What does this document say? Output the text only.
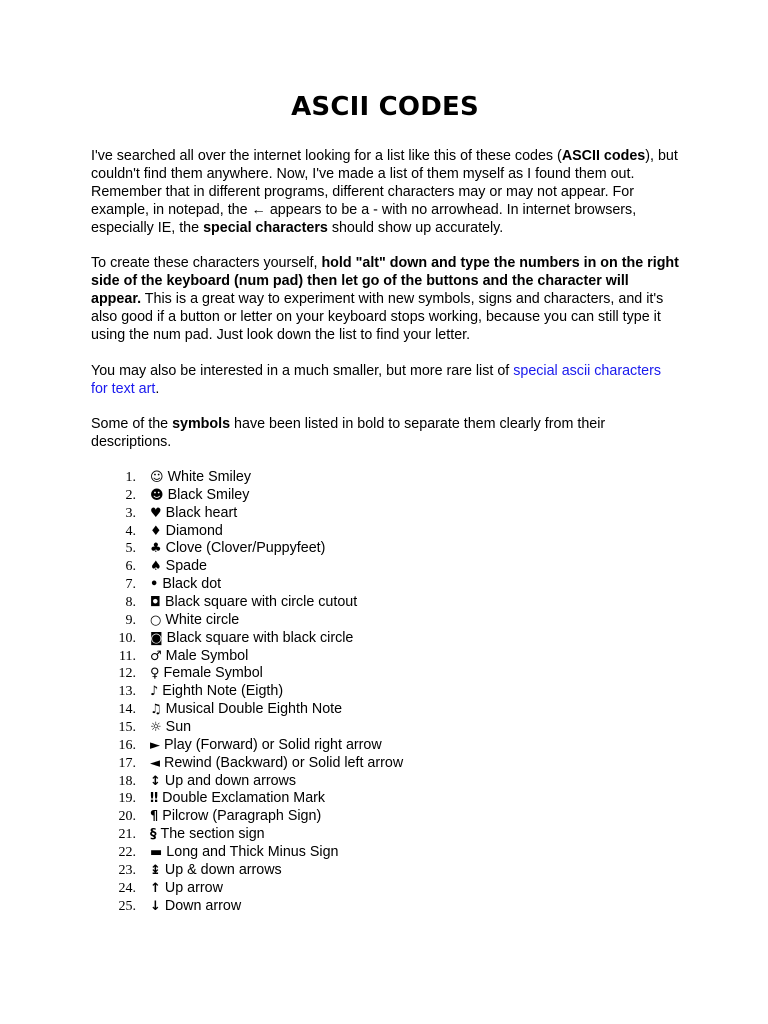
ASCII CODES

I've searched all over the internet looking for a list like this of these codes (ASCII codes), but couldn't find them anywhere. Now, I've made a list of them myself as I found them out. Remember that in different programs, different characters may or may not appear. For example, in notepad, the ← appears to be a - with no arrowhead. In internet browsers, especially IE, the special characters should show up accurately.

To create these characters yourself, hold "alt" down and type the numbers in on the right side of the keyboard (num pad) then let go of the buttons and the character will appear. This is a great way to experiment with new symbols, signs and characters, and it's also good if a button or letter on your keyboard stops working, because you can still type it using the num pad. Just look down the list to find your letter.

You may also be interested in a much smaller, but more rare list of special ascii characters for text art.

Some of the symbols have been listed in bold to separate them clearly from their descriptions.

1. ☺ White Smiley
2. ☻ Black Smiley
3. ♥ Black heart
4. ♦ Diamond
5. ♣ Clove (Clover/Puppyfeet)
6. ♠ Spade
7. • Black dot
8. ◘ Black square with circle cutout
9. ○ White circle
10. ◙ Black square with black circle
11. ♂ Male Symbol
12. ♀ Female Symbol
13. ♪ Eighth Note (Eigth)
14. ♫ Musical Double Eighth Note
15. ☼ Sun
16. ► Play (Forward) or Solid right arrow
17. ◄ Rewind (Backward) or Solid left arrow
18. ↕ Up and down arrows
19. ‼ Double Exclamation Mark
20. ¶ Pilcrow (Paragraph Sign)
21. § The section sign
22. ▬ Long and Thick Minus Sign
23. ↨ Up & down arrows
24. ↑ Up arrow
25. ↓ Down arrow
